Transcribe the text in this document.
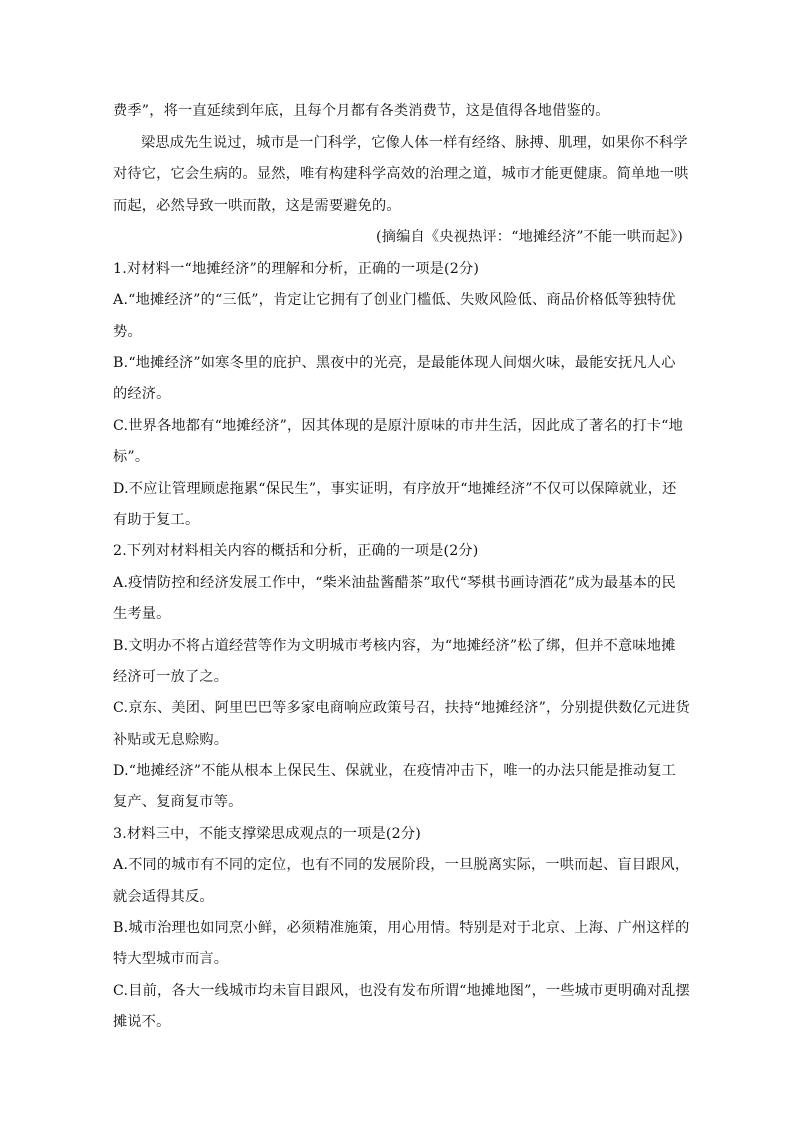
费季”，将一直延续到年底，且每个月都有各类消费节，这是值得各地借鉴的。
梁思成先生说过，城市是一门科学，它像人体一样有经络、脉搏、肌理，如果你不科学
对待它，它会生病的。显然，唯有构建科学高效的治理之道，城市才能更健康。简单地一哄
而起，必然导致一哄而散，这是需要避免的。
(摘编自《央视热评：“地摊经济”不能一哄而起》)
1.对材料一“地摊经济”的理解和分析，正确的一项是(2分)
A.“地摊经济”的“三低”，肯定让它拥有了创业门槛低、失败风险低、商品价格低等独特优
势。
B.“地摊经济”如寒冬里的庇护、黑夜中的光亮，是最能体现人间烟火味，最能安抚凡人心
的经济。
C.世界各地都有“地摊经济”，因其体现的是原汁原味的市井生活，因此成了著名的打卡“地
标”。
D.不应让管理顾虑拖累“保民生”，事实证明，有序放开“地摊经济”不仅可以保障就业，还
有助于复工。
2.下列对材料相关内容的概括和分析，正确的一项是(2分)
A.疫情防控和经济发展工作中，“柴米油盐酱醋茶”取代“琴棋书画诗酒花”成为最基本的民
生考量。
B.文明办不将占道经营等作为文明城市考核内容，为“地摊经济”松了绑，但并不意味地摊
经济可一放了之。
C.京东、美团、阿里巴巴等多家电商响应政策号召，扶持“地摊经济”，分别提供数亿元进货
补贴或无息赊购。
D.“地摊经济”不能从根本上保民生、保就业，在疫情冲击下，唯一的办法只能是推动复工
复产、复商复市等。
3.材料三中，不能支撑梁思成观点的一项是(2分)
A.不同的城市有不同的定位，也有不同的发展阶段，一旦脱离实际，一哄而起、盲目跟风，
就会适得其反。
B.城市治理也如同烹小鲜，必须精准施策，用心用情。特别是对于北京、上海、广州这样的
特大型城市而言。
C.目前，各大一线城市均未盲目跟风，也没有发布所谓“地摊地图”，一些城市更明确对乱摆
摊说不。
